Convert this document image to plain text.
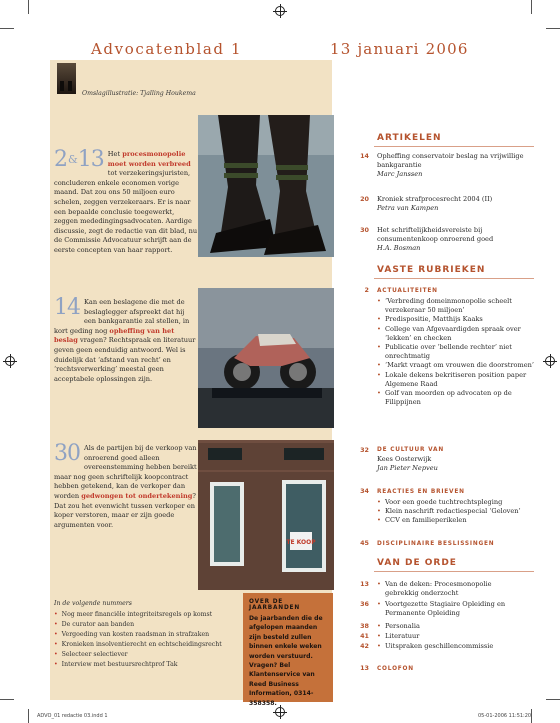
Advocatenblad 1	13 januari 2006
Omslagillustratie: Tjalling Houkema
2&13 Het procesmonopolie moet worden verbreed tot verzekeringsjuristen, concluderen enkele economen vorige maand. Dat zou ons 50 miljoen euro schelen, zeggen verzekeraars. Er is naar een bepaalde conclusie toegewerkt, zeggen mededingingsadvocaten. Aardige discussie, zegt de redactie van dit blad, nu de Commissie Advocatuur schrijft aan de eerste concepten van haar rapport.
14 Kan een beslagene die met de beslaglegger afspreekt dat hij een bankgarantie zal stellen, in kort geding nog opheffing van het beslag vragen? Rechtspraak en literatuur geven geen eenduidig antwoord. Wel is duidelijk dat ‘afstand van recht’ en ‘rechtsverwerking’ meestal geen acceptabele oplossingen zijn.
30 Als de partijen bij de verkoop van onroerend goed alleen overeenstemming hebben bereikt maar nog geen schriftelijk koopcontract hebben getekend, kan de verkoper dan worden gedwongen tot ondertekening? Dat zou het evenwicht tussen verkoper en koper verstoren, maar er zijn goede argumenten voor.
TE KOOP
In de volgende nummers
• Nog meer financiële integriteitsregels op komst
• De curator aan banden
• Vergoeding van kosten raadsman in strafzaken
• Kronieken insolventierecht en echtscheidingsrecht
• Selecteer selectiever
• Interview met bestuursrechtprof Tak
OVER DE JAARBANDEN
De jaarbanden die de afgelopen maanden zijn besteld zullen binnen enkele weken worden verstuurd. Vragen? Bel Klantenservice van Reed Business Information, 0314-358358.
ARTIKELEN
14 Opheffing conservatoir beslag na vrijwillige bankgarantie
Marc Janssen
20 Kroniek strafprocesrecht 2004 (II)
Petra van Kampen
30 Het schriftelijkheidsvereiste bij consumentenkoop onroerend goed
H.A. Bosman
VASTE RUBRIEKEN
2 ACTUALITEITEN
• ‘Verbreding domeinmonopolie scheelt verzekeraar 50 miljoen’
• Predispositie, Matthijs Kaaks
• College van Afgevaardigden spraak over ‘lekken’ en checken
• Publicatie over ‘bellende rechter’ niet onrechtmatig
• ‘Markt vraagt om vrouwen die doorstromen’
• Lokale dekens bekritiseren position paper Algemene Raad
• Golf van moorden op advocaten op de Filippijnen
32 DE CULTUUR VAN
Kees Oosterwijk
Jan Pieter Nepveu
34 REACTIES EN BRIEVEN
• Voor een goede tuchtrechtspleging
• Klein naschrift redactiespecial ‘Geloven’
• CCV en familieperikelen
45 DISCIPLINAIRE BESLISSINGEN
VAN DE ORDE
13	• Van de deken: Procesmonopolie gebrekkig onderzocht
36	• Voortgezette Stagiaire Opleiding en Permanente Opleiding
38	• Personalia
41	• Literatuur
42	• Uitspraken geschillencommissie
13 COLOFON
ADVO_01 redactie 03.indd 1	05-01-2006 11:51:20
